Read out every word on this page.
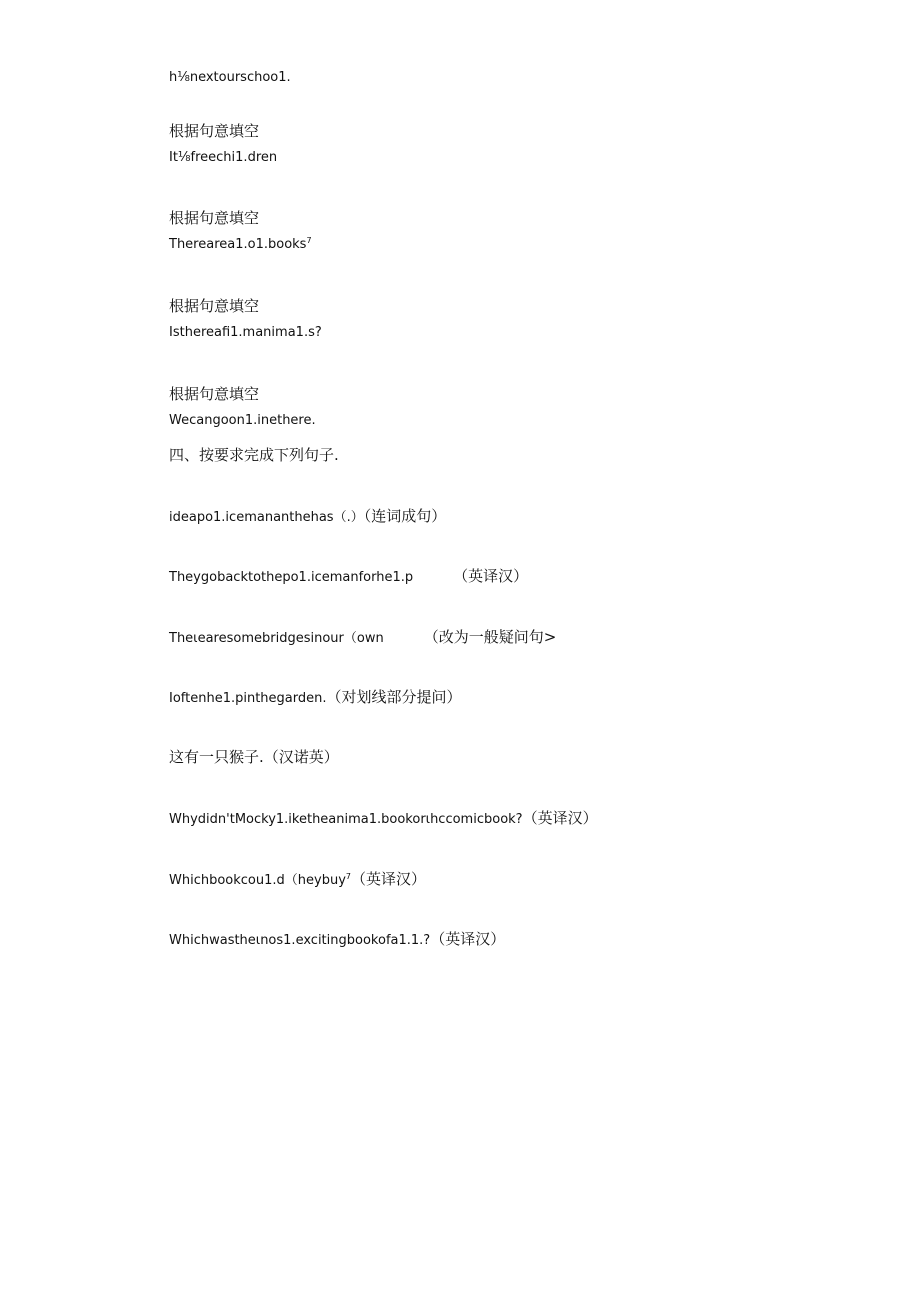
h⅛nextourschoo1.
根据句意填空
It⅛freechi1.dren
根据句意填空
Therearea1.o1.books$^7$
根据句意填空
Isthereafi1.manima1.s?
根据句意填空
Wecangoon1.inethere.
四、按要求完成下列句子.
ideapo1.icemananthehas（.）（连词成句）
Theygobacktothepo1.icemanforhe1.p	（英译汉）
Theιearesomebridgesinour（own	（改为一般疑问句>
Ioftenhe1.pinthegarden.（对划线部分提问）
这有一只猴子.（汉诺英）
Whydidn'tMocky1.iketheanima1.bookorιhccomicbook?（英译汉）
Whichbookcou1.d（heybuy$^7$（英译汉）
Whichwastheιnos1.excitingbookofa1.1.?（英译汉）
